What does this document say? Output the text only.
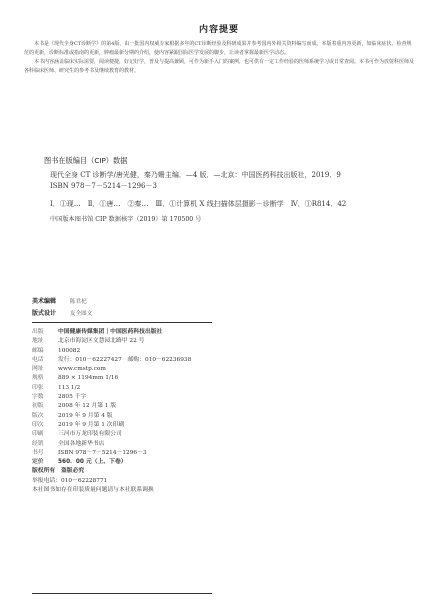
内容提要

本书是《现代全身CT诊断学》的第4版，由一批国内权威专家根据多年的CT诊断经验及科研成果并参考国内外相关资料编写而成。本版着重内容更新，如临床症状、检查规范的更新，诊断标准或指南的更新，肿瘤最新分期的介绍，使内容紧跟国际医学发展的脚步，让读者掌握最新医学动态。

本书内容涵盖临床实际需要，阅读便捷，好记好学，普及与提高兼顾，可作为新手入门的案例，也可供有一定工作经验的医师系统学习或日常查阅。本书可作为放射科医师及各科临床医师、研究生的参考书及继续教育的教材。

图书在版编目（CIP）数据
现代全身 CT 诊断学/唐光健，秦乃姗主编．—4 版．—北京：中国医药科技出版社，2019．9
ISBN 978－7－5214－1296－3
Ⅰ．①现…　Ⅱ．①唐…　②秦…　Ⅲ．①计算机 X 线扫描体层摄影－诊断学　Ⅳ．①R814．42
中国版本图书馆 CIP 数据核字（2019）第 170500 号
美术编辑 陈君杞
版式设计 友全图文
出版 中国健康传媒集团｜中国医药科技出版社
地址 北京市海淀区文慧园北路甲 22 号
邮编 100082
电话 发行：010－62227427　邮购：010－62236938
网址 www.cmstp.com
规格 889 × 1194mm 1/16
印张 113 1/2
字数 2805 千字
初版 2008 年 12 月第 1 版
版次 2019 年 9 月第 4 版
印次 2019 年 9 月第 1 次印刷
印刷 三河市万龙印装有限公司
经销 全国各地新华书店
书号 ISBN 978－7－5214－1296－3
定价 560．00 元（上、下卷）
版权所有　盗版必究
举报电话：010－62228771
本社图书如存在印装质量问题请与本社联系调换
